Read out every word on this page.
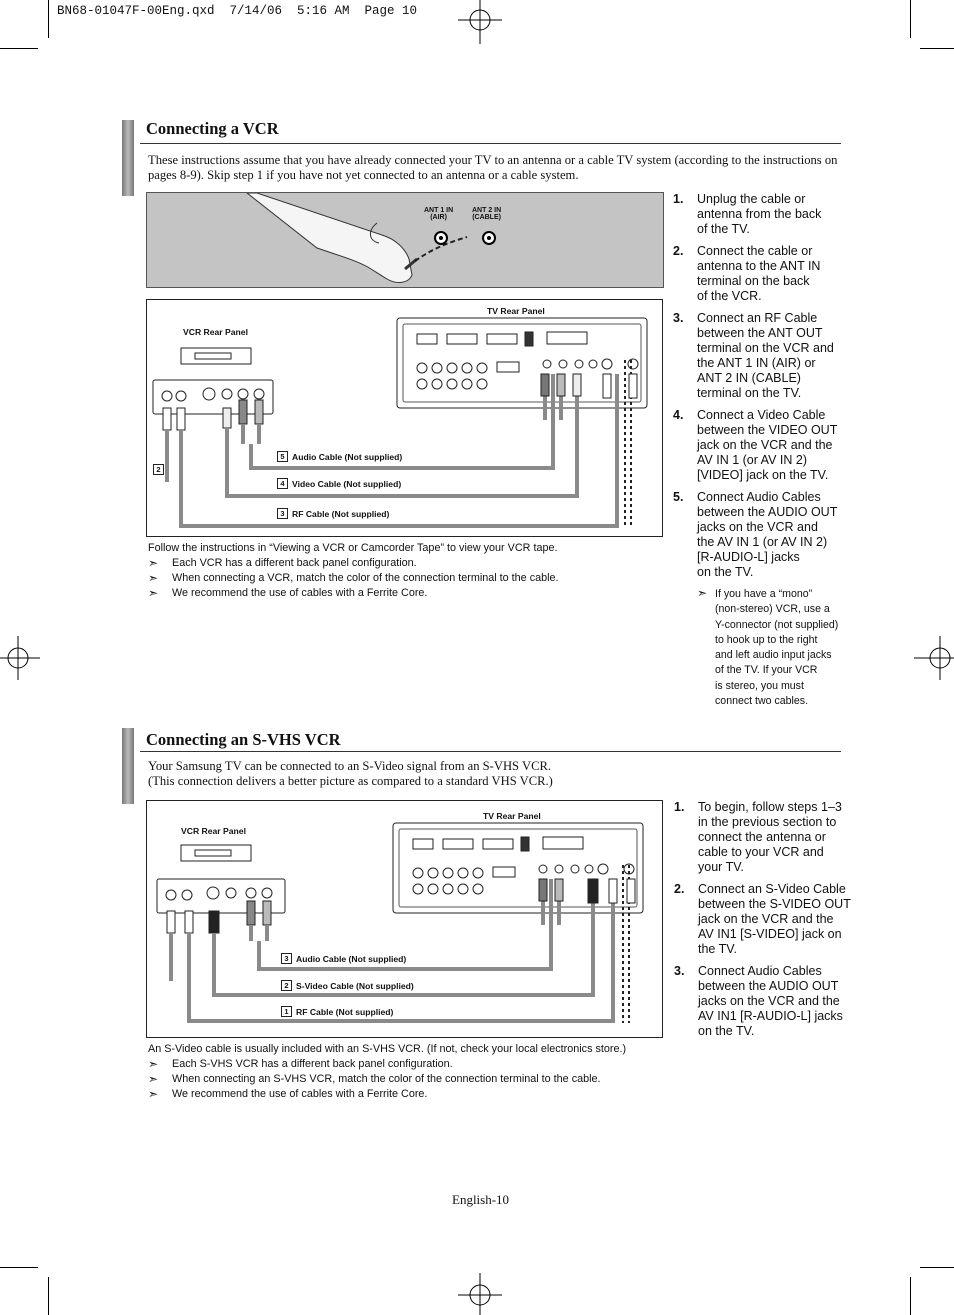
BN68-01047F-00Eng.qxd  7/14/06  5:16 AM  Page 10
Connecting a VCR
These instructions assume that you have already connected your TV to an antenna or a cable TV system (according to the instructions on pages 8-9). Skip step 1 if you have not yet connected to an antenna or a cable system.
ANT 1 IN
(AIR)
ANT 2 IN
(CABLE)
TV Rear Panel
VCR Rear Panel
2
5 Audio Cable (Not supplied)
4 Video Cable (Not supplied)
3 RF Cable (Not supplied)
1.	Unplug the cable or
antenna from the back
of the TV.
2.	Connect the cable or
antenna to the ANT IN
terminal on the back
of the VCR.
3.	Connect an RF Cable
between the ANT OUT
terminal on the VCR and
the ANT 1 IN (AIR) or
ANT 2 IN (CABLE)
terminal on the TV.
4.	Connect a Video Cable
between the VIDEO OUT
jack on the VCR and the
AV IN 1 (or AV IN 2)
[VIDEO] jack on the TV.
5.	Connect Audio Cables
between the AUDIO OUT
jacks on the VCR and
the AV IN 1 (or AV IN 2)
[R-AUDIO-L] jacks
on the TV.
➣ If you have a “mono”
(non-stereo) VCR, use a
Y-connector (not supplied)
to hook up to the right
and left audio input jacks
of the TV. If your VCR
is stereo, you must
connect two cables.
Follow the instructions in “Viewing a VCR or Camcorder Tape” to view your VCR tape.
➣	Each VCR has a different back panel configuration.
➣	When connecting a VCR, match the color of the connection terminal to the cable.
➣	We recommend the use of cables with a Ferrite Core.
Connecting an S-VHS VCR
Your Samsung TV can be connected to an S-Video signal from an S-VHS VCR.
(This connection delivers a better picture as compared to a standard VHS VCR.)
TV Rear Panel
VCR Rear Panel
3 Audio Cable (Not supplied)
2 S-Video Cable (Not supplied)
1 RF Cable (Not supplied)
1.	To begin, follow steps 1–3
in the previous section to
connect the antenna or
cable to your VCR and
your TV.
2.	Connect an S-Video Cable
between the S-VIDEO OUT
jack on the VCR and the
AV IN1 [S-VIDEO] jack on
the TV.
3.	Connect Audio Cables
between the AUDIO OUT
jacks on the VCR and the
AV IN1 [R-AUDIO-L] jacks
on the TV.
An S-Video cable is usually included with an S-VHS VCR. (If not, check your local electronics store.)
➣	Each S-VHS VCR has a different back panel configuration.
➣	When connecting an S-VHS VCR, match the color of the connection terminal to the cable.
➣	We recommend the use of cables with a Ferrite Core.
English-10
